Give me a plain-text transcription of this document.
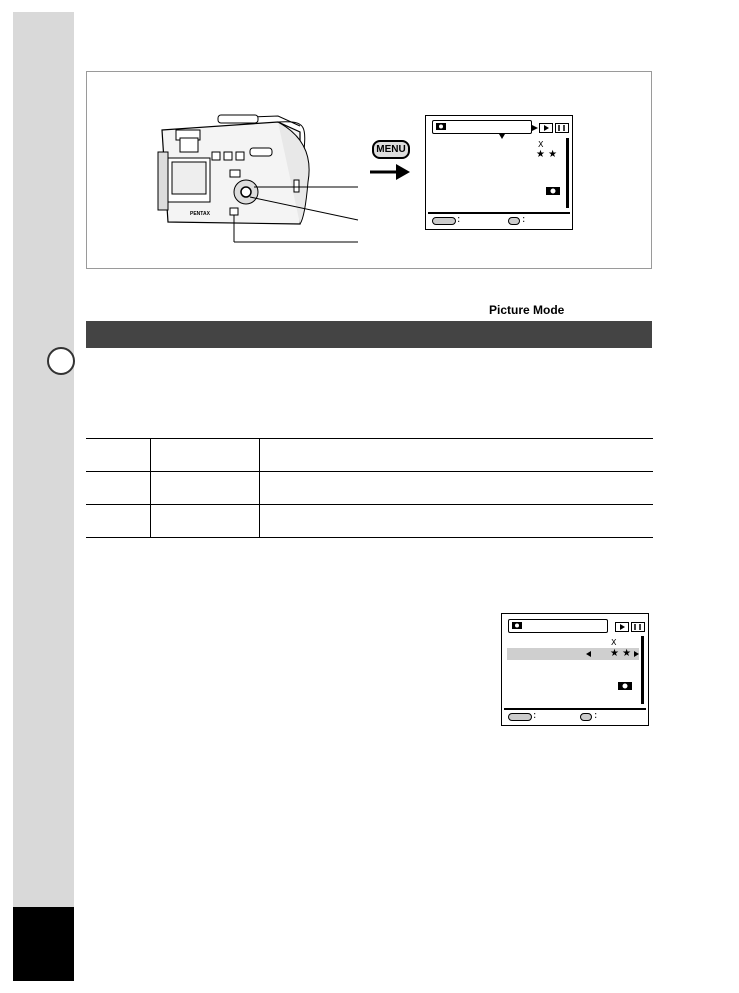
PENTAX
MENU	X
★ ★
:	:
Picture Mode

X
★ ★
:	:
